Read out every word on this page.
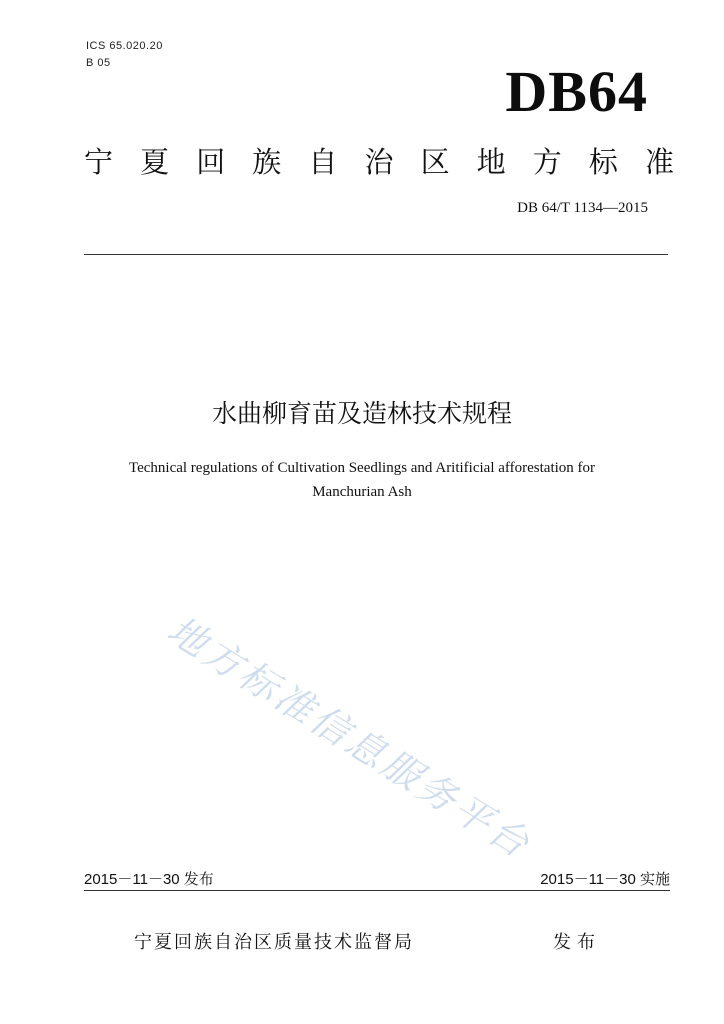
ICS 65.020.20
B 05	DB64
宁 夏 回 族 自 治 区 地 方 标 准
DB 64/T 1134—2015
水曲柳育苗及造林技术规程
Technical regulations of Cultivation Seedlings and Aritificial afforestation for
Manchurian Ash
地方标准信息服务平台
2015－11－30 发布	2015－11－30 实施
宁夏回族自治区质量技术监督局	发布
